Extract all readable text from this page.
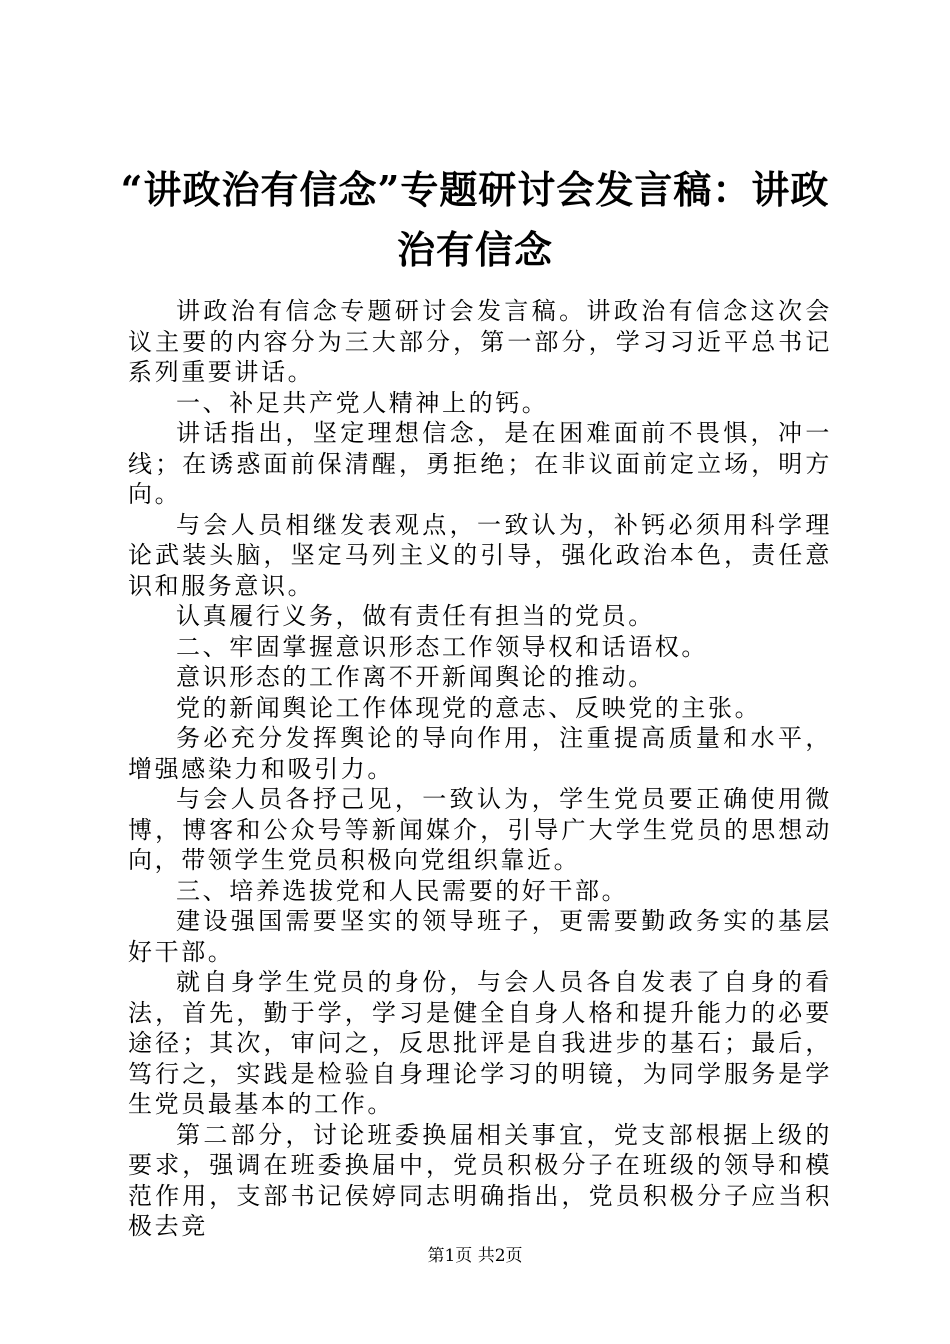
“讲政治有信念”专题研讨会发言稿：讲政治有信念

讲政治有信念专题研讨会发言稿。讲政治有信念这次会议主要的内容分为三大部分，第一部分，学习习近平总书记系列重要讲话。

一、补足共产党人精神上的钙。

讲话指出，坚定理想信念，是在困难面前不畏惧，冲一线；在诱惑面前保清醒，勇拒绝；在非议面前定立场，明方向。

与会人员相继发表观点，一致认为，补钙必须用科学理论武装头脑，坚定马列主义的引导，强化政治本色，责任意识和服务意识。

认真履行义务，做有责任有担当的党员。

二、牢固掌握意识形态工作领导权和话语权。

意识形态的工作离不开新闻舆论的推动。

党的新闻舆论工作体现党的意志、反映党的主张。

务必充分发挥舆论的导向作用，注重提高质量和水平，增强感染力和吸引力。

与会人员各抒己见，一致认为，学生党员要正确使用微博，博客和公众号等新闻媒介，引导广大学生党员的思想动向，带领学生党员积极向党组织靠近。

三、培养选拔党和人民需要的好干部。

建设强国需要坚实的领导班子，更需要勤政务实的基层好干部。

就自身学生党员的身份，与会人员各自发表了自身的看法，首先，勤于学，学习是健全自身人格和提升能力的必要途径；其次，审问之，反思批评是自我进步的基石；最后，笃行之，实践是检验自身理论学习的明镜，为同学服务是学生党员最基本的工作。

第二部分，讨论班委换届相关事宜，党支部根据上级的要求，强调在班委换届中，党员积极分子在班级的领导和模范作用，支部书记侯婷同志明确指出，党员积极分子应当积极去竞

第1页 共2页
